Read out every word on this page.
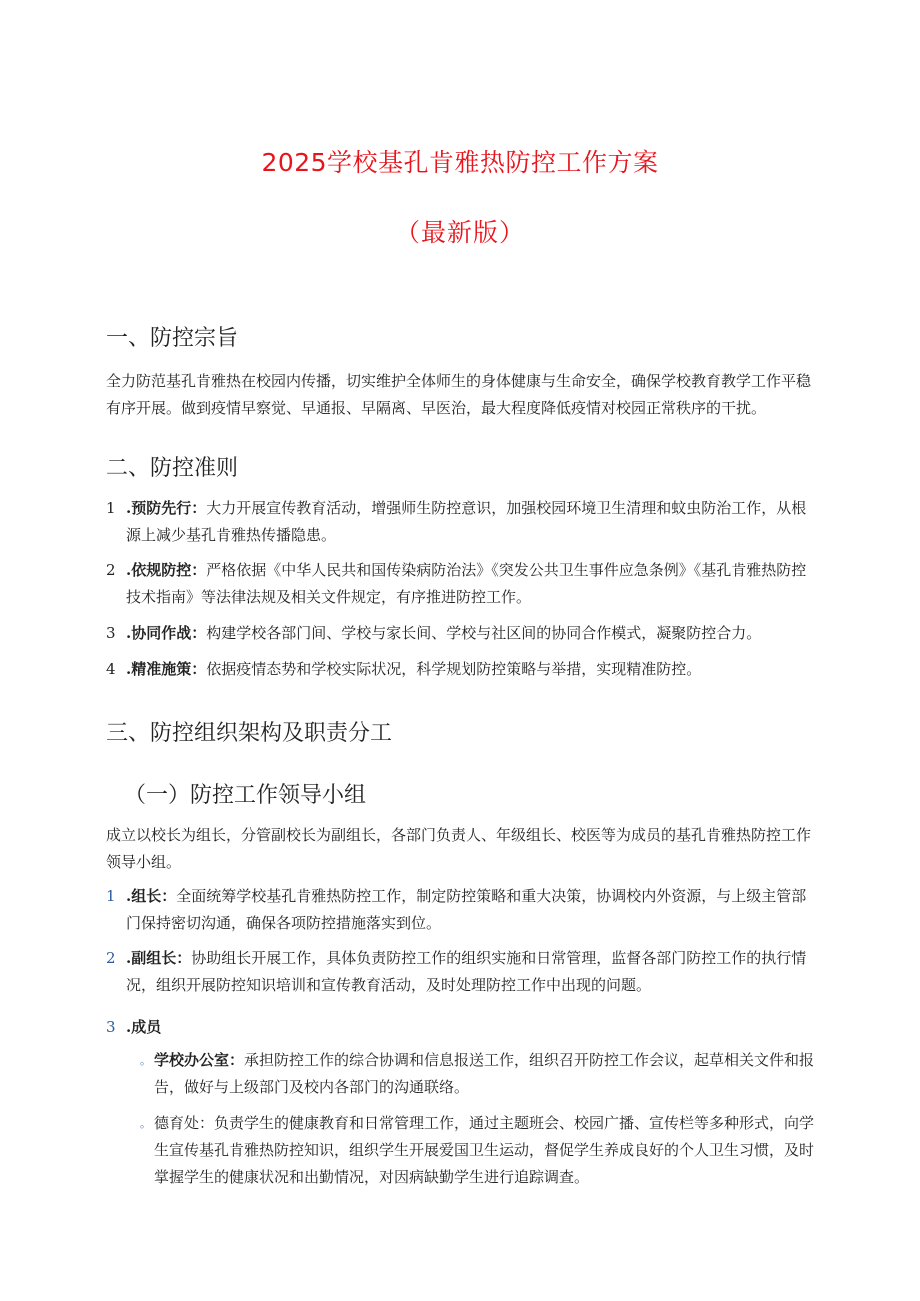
2025学校基孔肯雅热防控工作方案
（最新版）
一、防控宗旨
全力防范基孔肯雅热在校园内传播，切实维护全体师生的身体健康与生命安全，确保学校教育教学工作平稳有序开展。做到疫情早察觉、早通报、早隔离、早医治，最大程度降低疫情对校园正常秩序的干扰。
二、防控准则
1 .预防先行：大力开展宣传教育活动，增强师生防控意识，加强校园环境卫生清理和蚊虫防治工作，从根源上减少基孔肯雅热传播隐患。
2 .依规防控：严格依据《中华人民共和国传染病防治法》《突发公共卫生事件应急条例》《基孔肯雅热防控技术指南》等法律法规及相关文件规定，有序推进防控工作。
3 .协同作战：构建学校各部门间、学校与家长间、学校与社区间的协同合作模式，凝聚防控合力。
4 .精准施策：依据疫情态势和学校实际状况，科学规划防控策略与举措，实现精准防控。
三、防控组织架构及职责分工
（一）防控工作领导小组
成立以校长为组长，分管副校长为副组长，各部门负责人、年级组长、校医等为成员的基孔肯雅热防控工作领导小组。
1 .组长：全面统筹学校基孔肯雅热防控工作，制定防控策略和重大决策，协调校内外资源，与上级主管部门保持密切沟通，确保各项防控措施落实到位。
2 .副组长：协助组长开展工作，具体负责防控工作的组织实施和日常管理，监督各部门防控工作的执行情况，组织开展防控知识培训和宣传教育活动，及时处理防控工作中出现的问题。
3 .成员
。 学校办公室：承担防控工作的综合协调和信息报送工作，组织召开防控工作会议，起草相关文件和报告，做好与上级部门及校内各部门的沟通联络。
。 德育处：负责学生的健康教育和日常管理工作，通过主题班会、校园广播、宣传栏等多种形式，向学生宣传基孔肯雅热防控知识，组织学生开展爱国卫生运动，督促学生养成良好的个人卫生习惯，及时掌握学生的健康状况和出勤情况，对因病缺勤学生进行追踪调查。
